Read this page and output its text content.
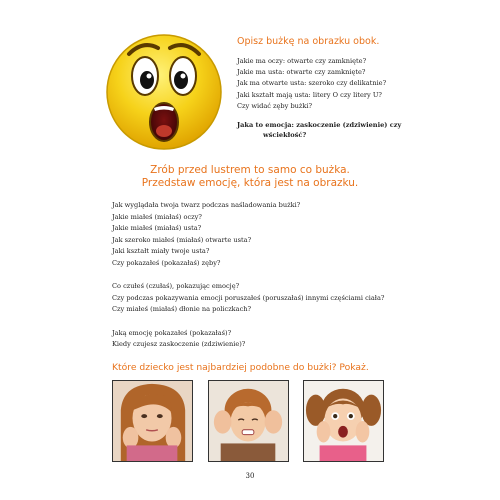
Opisz bużkę na obrazku obok.
Jakie ma oczy: otwarte czy zamknięte?
Jakie ma usta: otwarte czy zamknięte?
Jak ma otwarte usta: szeroko czy delikatnie?
Jaki kształt mają usta: litery O czy litery U?
Czy widać zęby bużki?
Jaka to emocja: zaskoczenie (zdziwienie) czy
wściekłość?
Zrób przed lustrem to samo co bużka.
Przedstaw emocję, która jest na obrazku.
Jak wyglądała twoja twarz podczas naśladowania bużki?
Jakie miałeś (miałaś) oczy?
Jakie miałeś (miałaś) usta?
Jak szeroko miałeś (miałaś) otwarte usta?
Jaki kształt miały twoje usta?
Czy pokazałeś (pokazałaś) zęby?
Co czułeś (czułaś), pokazując emocję?
Czy podczas pokazywania emocji poruszałeś (poruszałaś) innymi częściami ciała?
Czy miałeś (miałaś) dłonie na policzkach?
Jaką emocję pokazałeś (pokazałaś)?
Kiedy czujesz zaskoczenie (zdziwienie)?
Które dziecko jest najbardziej podobne do bużki? Pokaż.
30
